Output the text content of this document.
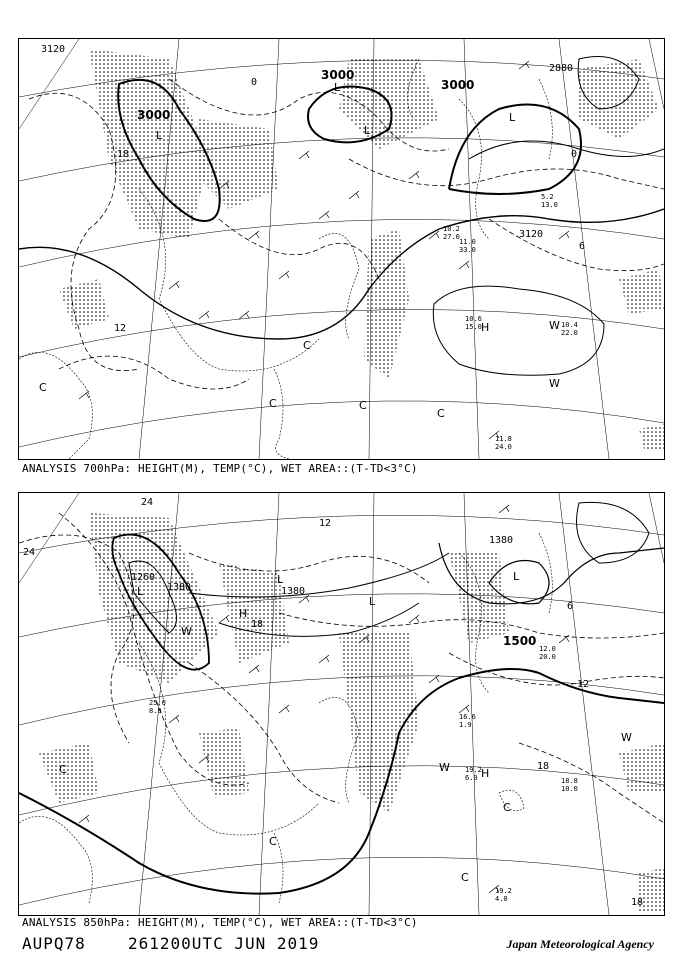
3120
3000
3000
3000
2880
3120
12
18
0
0
6
L
L
L
L
H	W
W
C
C
C	C
C
10.6
15.0	10.4
22.0
11.8
24.0
5.2
13.0
10.2
27.0
11.0
33.0
ANALYSIS 700hPa: HEIGHT(M), TEMP(°C), WET AREA::(T-TD<3°C)
1380
1380	1380
1260
1500
24
24
18
18
12
12
6
18
L
L
L
L
H
H
W
W
W
C
C
C
C
19.2
6.0	18.8
10.0
19.2
4.0
25.0
8.0
16.6
1.9
12.0
20.0
ANALYSIS 850hPa: HEIGHT(M), TEMP(°C), WET AREA::(T-TD<3°C)
AUPQ78	261200UTC JUN 2019	Japan Meteorological Agency
